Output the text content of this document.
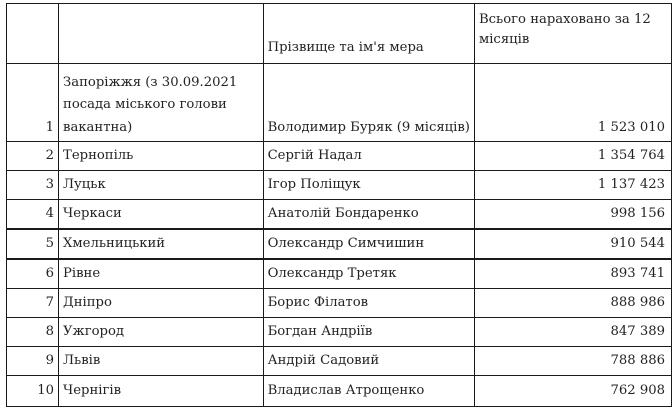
		Прізвище та ім'я мера	Всього нараховано за 12 місяців
1	Запоріжжя (з 30.09.2021 посада міського голови вакантна)	Володимир Буряк (9 місяців)	1 523 010
2	Тернопіль	Сергій Надал	1 354 764
3	Луцьк	Ігор Поліщук	1 137 423
4	Черкаси	Анатолій Бондаренко	998 156
5	Хмельницький	Олександр Симчишин	910 544
6	Рівне	Олександр Третяк	893 741
7	Дніпро	Борис Філатов	888 986
8	Ужгород	Богдан Андріїв	847 389
9	Львів	Андрій Садовий	788 886
10	Чернігів	Владислав Атрощенко	762 908
